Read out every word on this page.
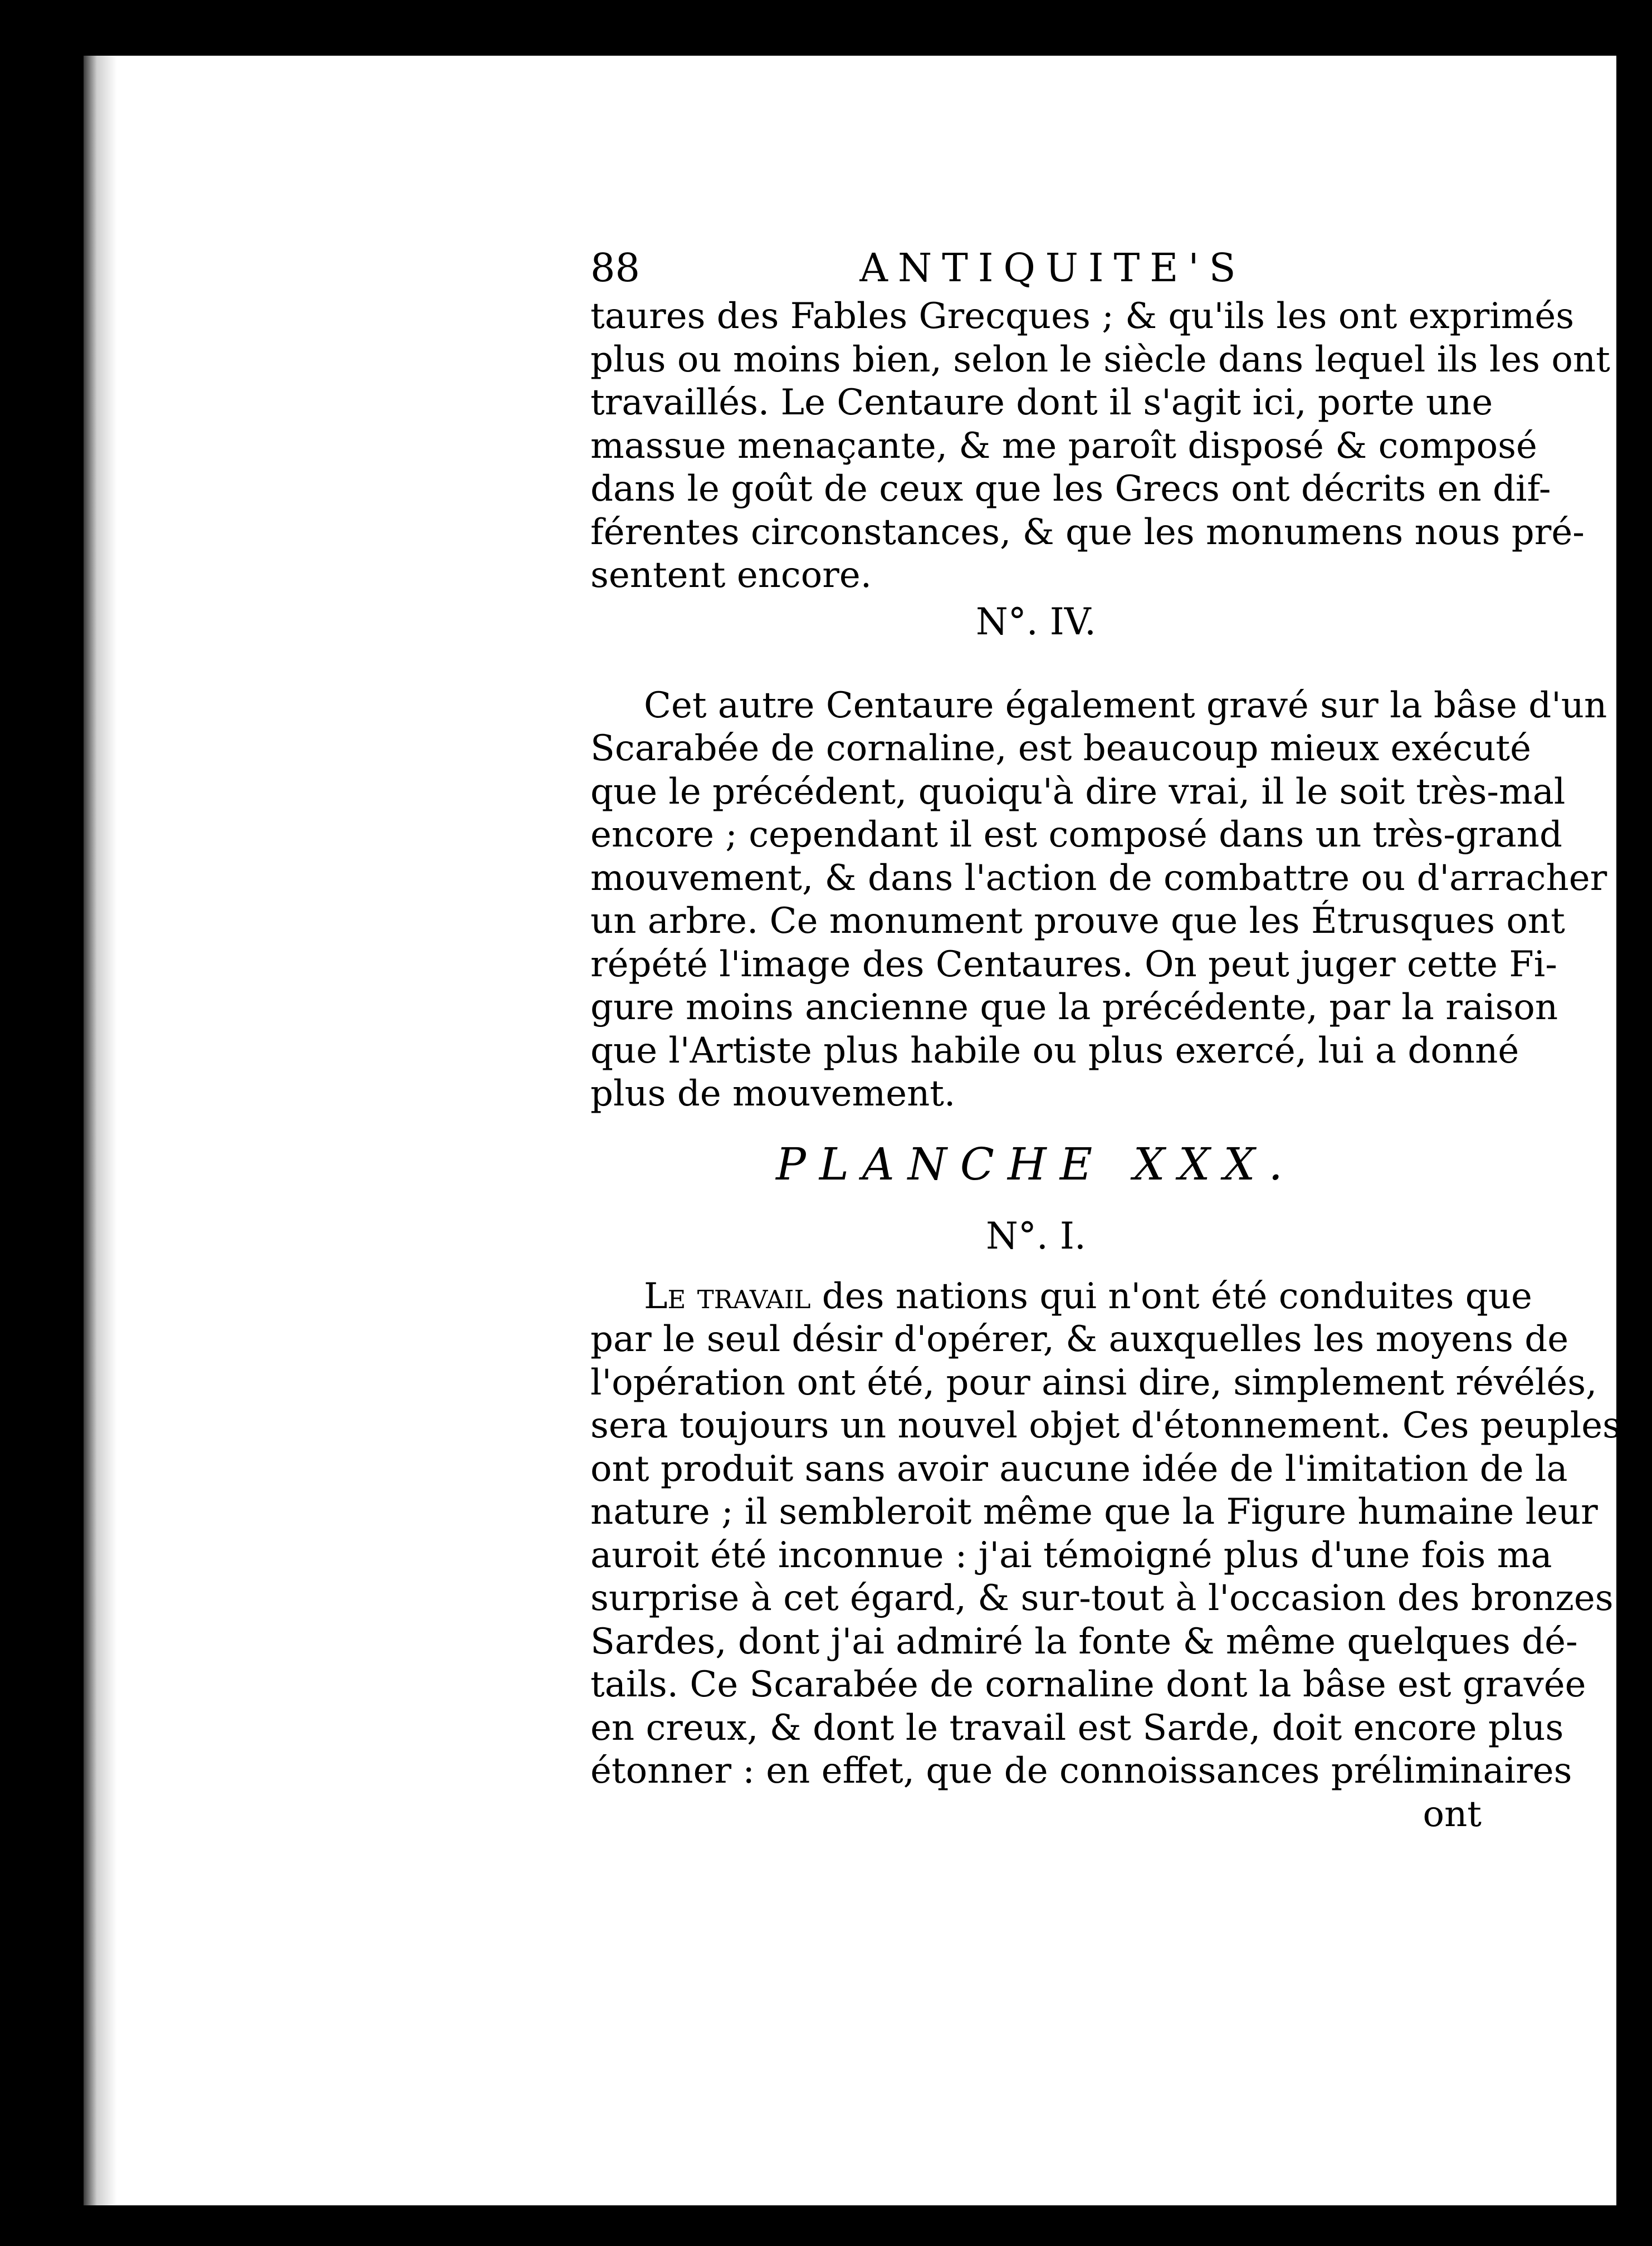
88	ANTIQUITE'S
taures des Fables Grecques ; & qu'ils les ont exprimés
plus ou moins bien, selon le siècle dans lequel ils les ont
travaillés. Le Centaure dont il s'agit ici, porte une
massue menaçante, & me paroît disposé & composé
dans le goût de ceux que les Grecs ont décrits en dif-
férentes circonstances, & que les monumens nous pré-
sentent encore.
N°. IV.
Cet autre Centaure également gravé sur la bâse d'un
Scarabée de cornaline, est beaucoup mieux exécuté
que le précédent, quoiqu'à dire vrai, il le soit très-mal
encore ; cependant il est composé dans un très-grand
mouvement, & dans l'action de combattre ou d'arracher
un arbre. Ce monument prouve que les Étrusques ont
répété l'image des Centaures. On peut juger cette Fi-
gure moins ancienne que la précédente, par la raison
que l'Artiste plus habile ou plus exercé, lui a donné
plus de mouvement.
PLANCHE XXX.
N°. I.
Le travail des nations qui n'ont été conduites que
par le seul désir d'opérer, & auxquelles les moyens de
l'opération ont été, pour ainsi dire, simplement révélés,
sera toujours un nouvel objet d'étonnement. Ces peuples
ont produit sans avoir aucune idée de l'imitation de la
nature ; il sembleroit même que la Figure humaine leur
auroit été inconnue : j'ai témoigné plus d'une fois ma
surprise à cet égard, & sur-tout à l'occasion des bronzes
Sardes, dont j'ai admiré la fonte & même quelques dé-
tails. Ce Scarabée de cornaline dont la bâse est gravée
en creux, & dont le travail est Sarde, doit encore plus
étonner : en effet, que de connoissances préliminaires
ont
